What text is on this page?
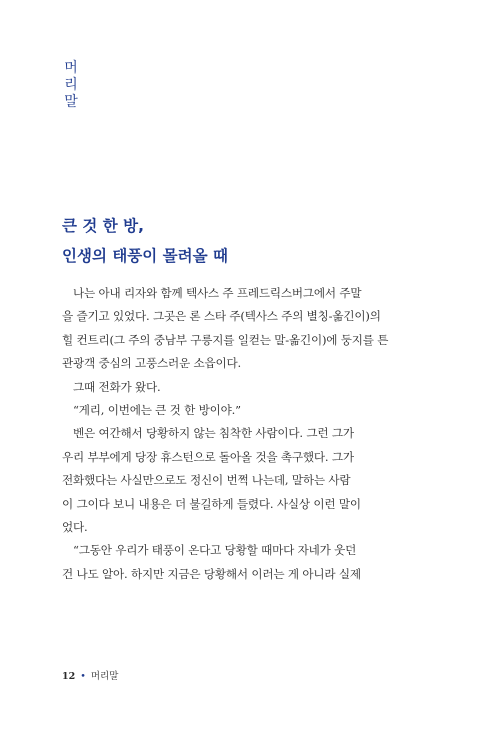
머
리
말
큰 것 한 방,
인생의 태풍이 몰려올 때
나는 아내 리자와 함께 텍사스 주 프레드릭스버그에서 주말
을 즐기고 있었다. 그곳은 론 스타 주(텍사스 주의 별칭-옮긴이)의
힐 컨트리(그 주의 중남부 구릉지를 일컫는 말-옮긴이)에 둥지를 튼
관광객 중심의 고풍스러운 소읍이다.
그때 전화가 왔다.
“게리, 이번에는 큰 것 한 방이야.”
벤은 여간해서 당황하지 않는 침착한 사람이다. 그런 그가
우리 부부에게 당장 휴스턴으로 돌아올 것을 촉구했다. 그가
전화했다는 사실만으로도 정신이 번쩍 나는데, 말하는 사람
이 그이다 보니 내용은 더 불길하게 들렸다. 사실상 이런 말이
었다.
“그동안 우리가 태풍이 온다고 당황할 때마다 자네가 웃던
건 나도 알아. 하지만 지금은 당황해서 이러는 게 아니라 실제
12 • 머리말
